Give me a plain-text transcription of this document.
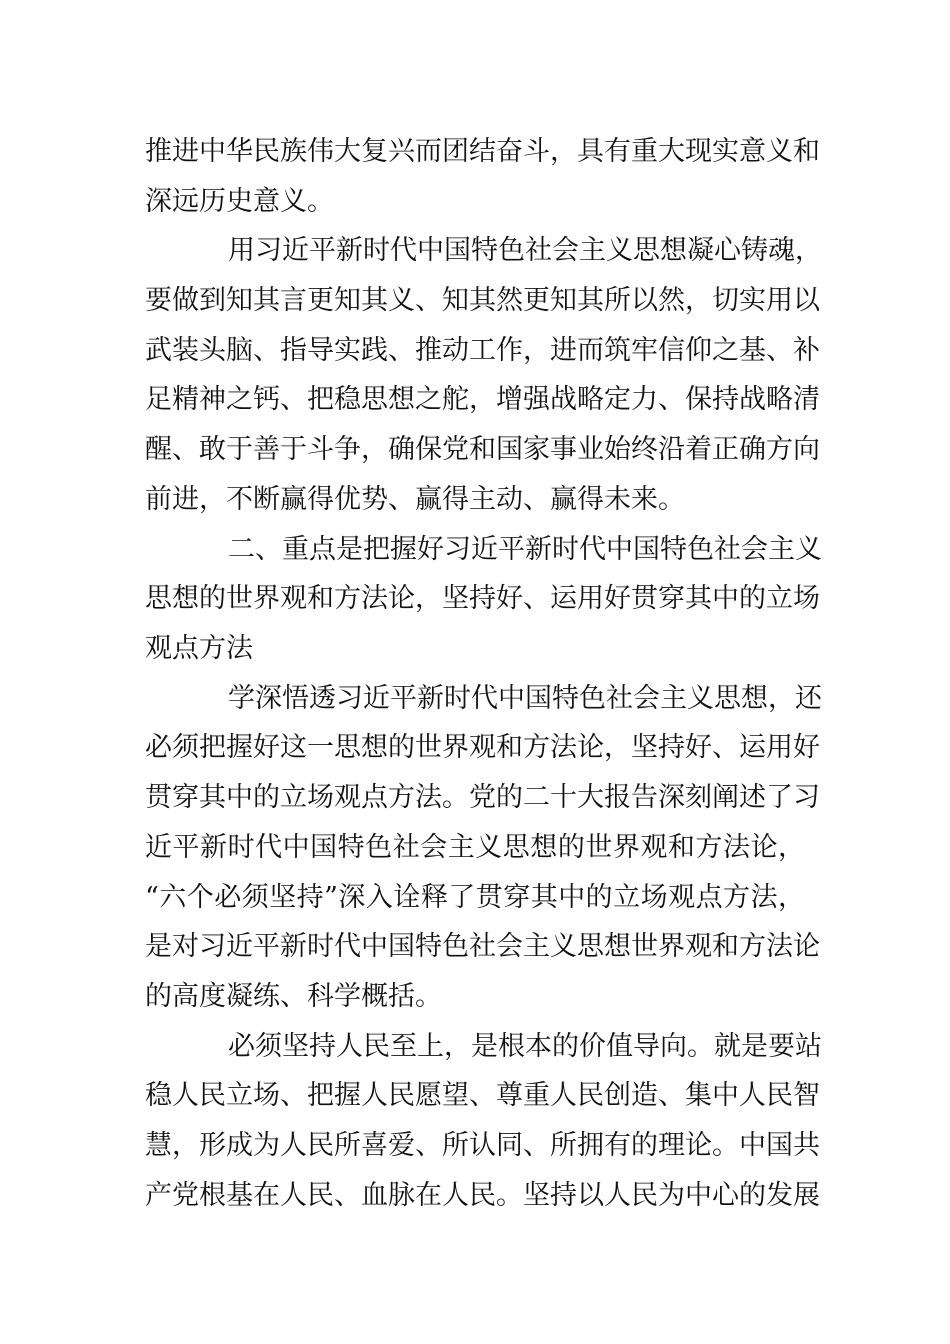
推进中华民族伟大复兴而团结奋斗，具有重大现实意义和
深远历史意义。
用习近平新时代中国特色社会主义思想凝心铸魂，
要做到知其言更知其义、知其然更知其所以然，切实用以
武装头脑、指导实践、推动工作，进而筑牢信仰之基、补
足精神之钙、把稳思想之舵，增强战略定力、保持战略清
醒、敢于善于斗争，确保党和国家事业始终沿着正确方向
前进，不断赢得优势、赢得主动、赢得未来。
二、重点是把握好习近平新时代中国特色社会主义
思想的世界观和方法论，坚持好、运用好贯穿其中的立场
观点方法
学深悟透习近平新时代中国特色社会主义思想，还
必须把握好这一思想的世界观和方法论，坚持好、运用好
贯穿其中的立场观点方法。党的二十大报告深刻阐述了习
近平新时代中国特色社会主义思想的世界观和方法论，
“六个必须坚持”深入诠释了贯穿其中的立场观点方法，
是对习近平新时代中国特色社会主义思想世界观和方法论
的高度凝练、科学概括。
必须坚持人民至上，是根本的价值导向。就是要站
稳人民立场、把握人民愿望、尊重人民创造、集中人民智
慧，形成为人民所喜爱、所认同、所拥有的理论。中国共
产党根基在人民、血脉在人民。坚持以人民为中心的发展
